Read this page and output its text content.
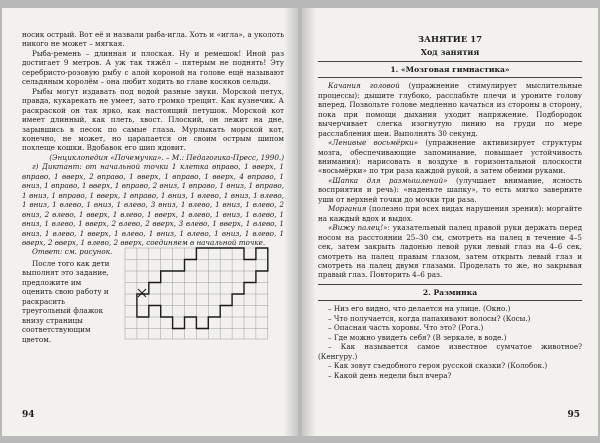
носик острый. Вот её и назвали рыба-игла. Хоть и «игла», а уколоть никого не может – мягкая.

Рыба-ремень – длинная и плоская. Ну и ремешок! Иной раз достигает 9 метров. А уж так тяжёл – пятерым не поднять! Эту серебристо-розовую рыбу с алой короной на голове ещё называют сельдяным королём – она любит ходить во главе косяков сельди.

Рыбы могут издавать под водой разные звуки. Морской петух, правда, кукарекать не умеет, зато громко трещит. Как кузнечик. А раскраской он так ярко, как настоящий петушок. Морской кот имеет длинный, как плеть, хвост. Плоский, он лежит на дне, зарывшись в песок по самые глаза. Мурлыкать морской кот, конечно, не может, но царапается он своим острым шипом похлеще кошки. Вдобавок его шип ядовит.

(Энциклопедия «Почемучка». – М.: Педагогика-Пресс, 1990.)

г) Диктант: от начальной точки 1 клетка вправо, 1 вверх, 1 вправо, 1 вверх, 2 вправо, 1 вверх, 1 вправо, 1 вверх, 4 вправо, 1 вниз, 1 вправо, 1 вверх, 1 вправо, 2 вниз, 1 вправо, 1 вниз, 1 вправо, 1 вниз, 1 вправо, 1 вверх, 1 вправо, 1 вниз, 1 влево, 1 вниз, 1 влево, 1 вниз, 1 влево, 1 вниз, 1 влево, 3 вниз, 1 влево, 1 вниз, 1 влево, 2 вниз, 2 влево, 1 вверх, 1 влево, 1 вверх, 1 влево, 1 вниз, 1 влево, 1 вниз, 1 влево, 1 вверх, 2 влево, 2 вверх, 3 влево, 1 вверх, 1 влево, 1 вниз, 1 влево, 1 вверх, 1 влево, 1 вниз, 1 влево, 1 вниз, 1 влево, 1 вверх, 2 вверх, 1 влево, 2 вверх, соединяем в начальной точке.

Ответ: см. рисунок.

После того как дети выполнят это задание, предложите им оценить свою работу и раскрасить треугольный флажок внизу страницы соответствующим цветом.

94
ЗАНЯТИЕ 17
Ход занятия
1. «Мозговая гимнастика»

Качания головой (упражнение стимулирует мыслительные процессы): дышите глубоко, расслабьте плечи и уроните голову вперед. Позвольте голове медленно качаться из стороны в сторону, пока при помощи дыхания уходит напряжение. Подбородок вычерчивает слегка изогнутую линию на груди по мере расслабления шеи. Выполнять 30 секунд.

«Ленивые восьмёрки» (упражнение активизирует структуры мозга, обеспечивающие запоминание, повышает устойчивость внимания): нарисовать в воздухе в горизонтальной плоскости «восьмёрки» по три раза каждой рукой, а затем обеими руками.

«Шапка для размышлений» (улучшает внимание, ясность восприятия и речь): «наденьте шапку», то есть мягко заверните уши от верхней точки до мочки три раза.

Моргания (полезно при всех видах нарушения зрения): моргайте на каждый вдох и выдох.

«Вижу палец!»: указательный палец правой руки держать перед носом на расстоянии 25–30 см, смотреть на палец в течение 4–5 сек, затем закрыть ладонью левой руки левый глаз на 4–6 сек, смотреть на палец правым глазом, затем открыть левый глаз и смотреть на палец двумя глазами. Проделать то же, но закрывая правый глаз. Повторить 4–6 раз.

2. Разминка
– Низ его видно, что делается на улице. (Окно.)
– Что получается, когда папахивают волосы? (Косы.)
– Опасная часть хоровы. Что это? (Рога.)
– Где можно увидеть себя? (В зеркале, в воде.)
– Как называется самое известное сумчатое животное? (Кенгуру.)
– Как зовут съедобного героя русской сказки? (Колобок.)
– Какой день недели был вчера?
95
